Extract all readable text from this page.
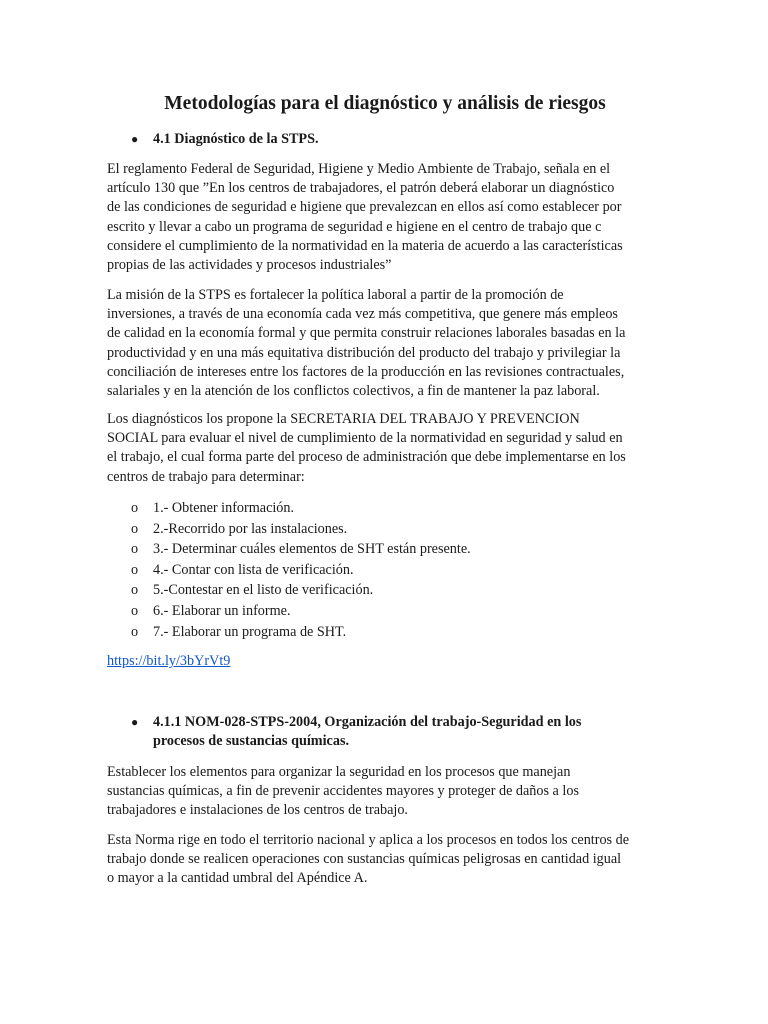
Metodologías para el diagnóstico y análisis de riesgos
● 4.1 Diagnóstico de la STPS.

El reglamento Federal de Seguridad, Higiene y Medio Ambiente de Trabajo, señala en el
artículo 130 que ”En los centros de trabajadores, el patrón deberá elaborar un diagnóstico
de las condiciones de seguridad e higiene que prevalezcan en ellos así como establecer por
escrito y llevar a cabo un programa de seguridad e higiene en el centro de trabajo que c
considere el cumplimiento de la normatividad en la materia de acuerdo a las características
propias de las actividades y procesos industriales”

La misión de la STPS es fortalecer la política laboral a partir de la promoción de
inversiones, a través de una economía cada vez más competitiva, que genere más empleos
de calidad en la economía formal y que permita construir relaciones laborales basadas en la
productividad y en una más equitativa distribución del producto del trabajo y privilegiar la
conciliación de intereses entre los factores de la producción en las revisiones contractuales,
salariales y en la atención de los conflictos colectivos, a fin de mantener la paz laboral.

Los diagnósticos los propone la SECRETARIA DEL TRABAJO Y PREVENCION
SOCIAL para evaluar el nivel de cumplimiento de la normatividad en seguridad y salud en
el trabajo, el cual forma parte del proceso de administración que debe implementarse en los
centros de trabajo para determinar:

o 1.- Obtener información.
o 2.-Recorrido por las instalaciones.
o 3.- Determinar cuáles elementos de SHT están presente.
o 4.- Contar con lista de verificación.
o 5.-Contestar en el listo de verificación.
o 6.- Elaborar un informe.
o 7.- Elaborar un programa de SHT.
https://bit.ly/3bYrVt9
● 4.1.1 NOM-028-STPS-2004, Organización del trabajo-Seguridad en los
procesos de sustancias químicas.

Establecer los elementos para organizar la seguridad en los procesos que manejan
sustancias químicas, a fin de prevenir accidentes mayores y proteger de daños a los
trabajadores e instalaciones de los centros de trabajo.

Esta Norma rige en todo el territorio nacional y aplica a los procesos en todos los centros de
trabajo donde se realicen operaciones con sustancias químicas peligrosas en cantidad igual
o mayor a la cantidad umbral del Apéndice A.
